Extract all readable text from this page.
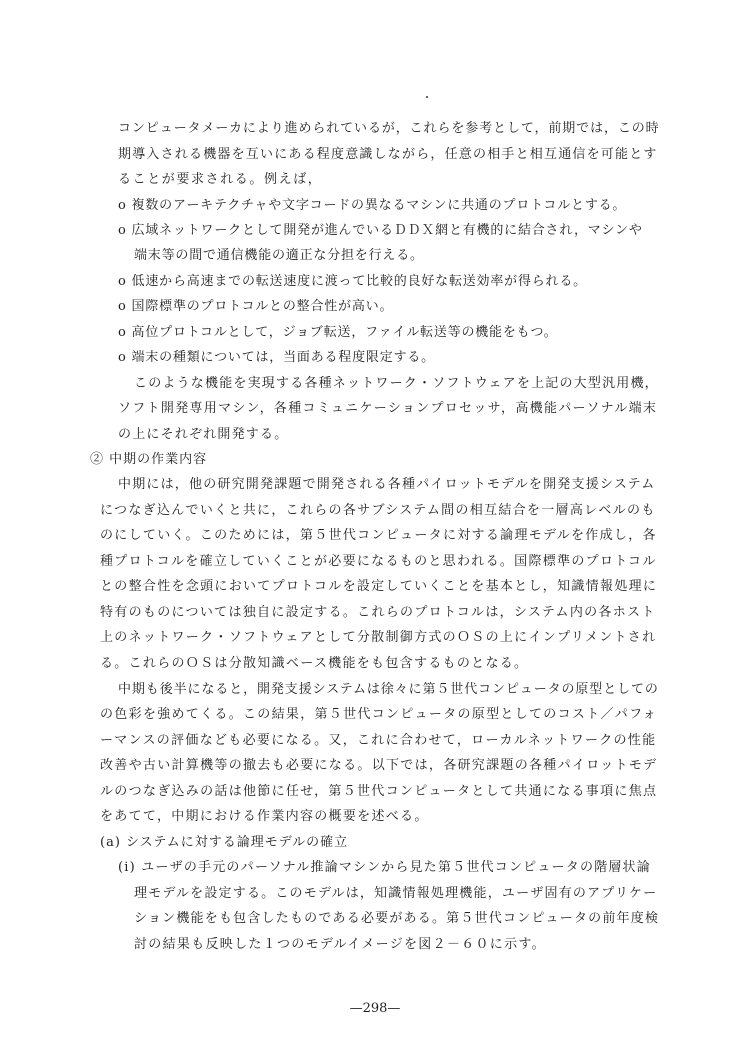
コンピュータメーカにより進められているが，これらを参考として，前期では，この時
期導入される機器を互いにある程度意識しながら，任意の相手と相互通信を可能とす
ることが要求される。例えば，
o 複数のアーキテクチャや文字コードの異なるマシンに共通のプロトコルとする。
o 広域ネットワークとして開発が進んでいるＤＤＸ網と有機的に結合され，マシンや
端末等の間で通信機能の適正な分担を行える。
o 低速から高速までの転送速度に渡って比較的良好な転送効率が得られる。
o 国際標準のプロトコルとの整合性が高い。
o 高位プロトコルとして，ジョブ転送，ファイル転送等の機能をもつ。
o 端末の種類については，当面ある程度限定する。
このような機能を実現する各種ネットワーク・ソフトウェアを上記の大型汎用機，
ソフト開発専用マシン，各種コミュニケーションプロセッサ，高機能パーソナル端末
の上にそれぞれ開発する。
② 中期の作業内容
中期には，他の研究開発課題で開発される各種パイロットモデルを開発支援システム
につなぎ込んでいくと共に，これらの各サブシステム間の相互結合を一層高レベルのも
のにしていく。このためには，第５世代コンピュータに対する論理モデルを作成し，各
種プロトコルを確立していくことが必要になるものと思われる。国際標準のプロトコル
との整合性を念頭においてプロトコルを設定していくことを基本とし，知識情報処理に
特有のものについては独自に設定する。これらのプロトコルは，システム内の各ホスト
上のネットワーク・ソフトウェアとして分散制御方式のＯＳの上にインプリメントされ
る。これらのＯＳは分散知識ベース機能をも包含するものとなる。
中期も後半になると，開発支援システムは徐々に第５世代コンピュータの原型としての
の色彩を強めてくる。この結果，第５世代コンピュータの原型としてのコスト／パフォ
ーマンスの評価なども必要になる。又，これに合わせて，ローカルネットワークの性能
改善や古い計算機等の撤去も必要になる。以下では，各研究課題の各種パイロットモデ
ルのつなぎ込みの話は他節に任せ，第５世代コンピュータとして共通になる事項に焦点
をあてて，中期における作業内容の概要を述べる。
(a) システムに対する論理モデルの確立
(i) ユーザの手元のパーソナル推論マシンから見た第５世代コンピュータの階層状論
理モデルを設定する。このモデルは，知識情報処理機能，ユーザ固有のアプリケー
ション機能をも包含したものである必要がある。第５世代コンピュータの前年度検
討の結果も反映した１つのモデルイメージを図２－６０に示す。
—298—
